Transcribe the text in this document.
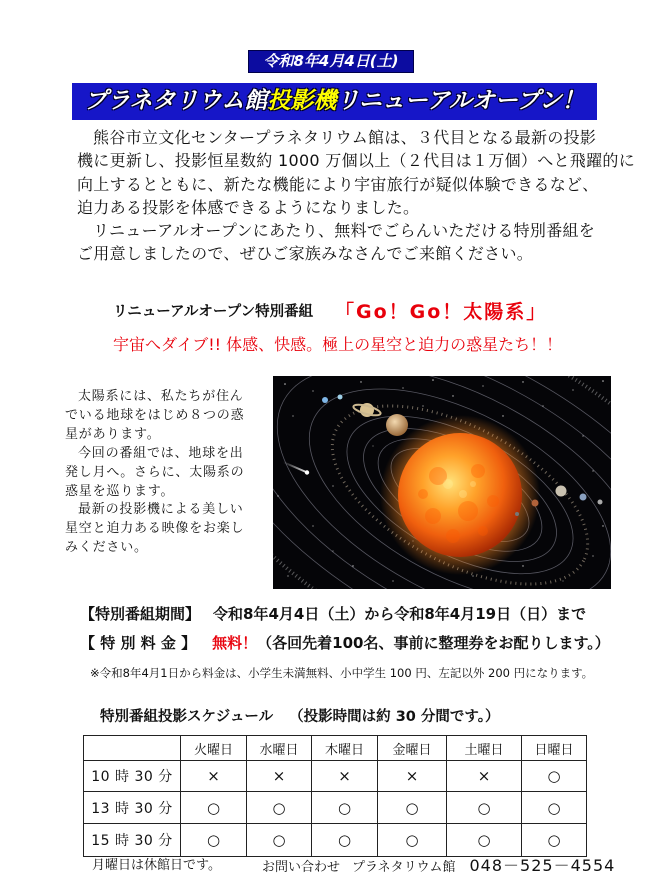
令和8年4月4日(土)
プラネタリウム館投影機リニューアルオープン！
熊谷市立文化センタープラネタリウム館は、３代目となる最新の投影
機に更新し、投影恒星数約 1000 万個以上（２代目は１万個）へと飛躍的に
向上するとともに、新たな機能により宇宙旅行が疑似体験できるなど、
迫力ある投影を体感できるようになりました。
リニューアルオープンにあたり、無料でごらんいただける特別番組を
ご用意しましたので、ぜひご家族みなさんでご来館ください。
リニューアルオープン特別番組 「Go！Go！太陽系」
宇宙へダイブ!! 体感、快感。極上の星空と迫力の惑星たち！！
太陽系には、私たちが住ん
でいる地球をはじめ８つの惑
星があります。
今回の番組では、地球を出
発し月へ。さらに、太陽系の
惑星を巡ります。
最新の投影機による美しい
星空と迫力ある映像をお楽し
みください。
【特別番組期間】 令和8年4月4日（土）から令和8年4月19日（日）まで
【 特 別 料 金 】 無料！（各回先着100名、事前に整理券をお配りします。）
※令和8年4月1日から料金は、小学生未満無料、小中学生 100 円、左記以外 200 円になります。
特別番組投影スケジュール （投影時間は約 30 分間です。）
	火曜日	水曜日	木曜日	金曜日	土曜日	日曜日
10 時 30 分	×	×	×	×	×	○
13 時 30 分	○	○	○	○	○	○
15 時 30 分	○	○	○	○	○	○
月曜日は休館日です。	お問い合わせ プラネタリウム館 048－525－4554
